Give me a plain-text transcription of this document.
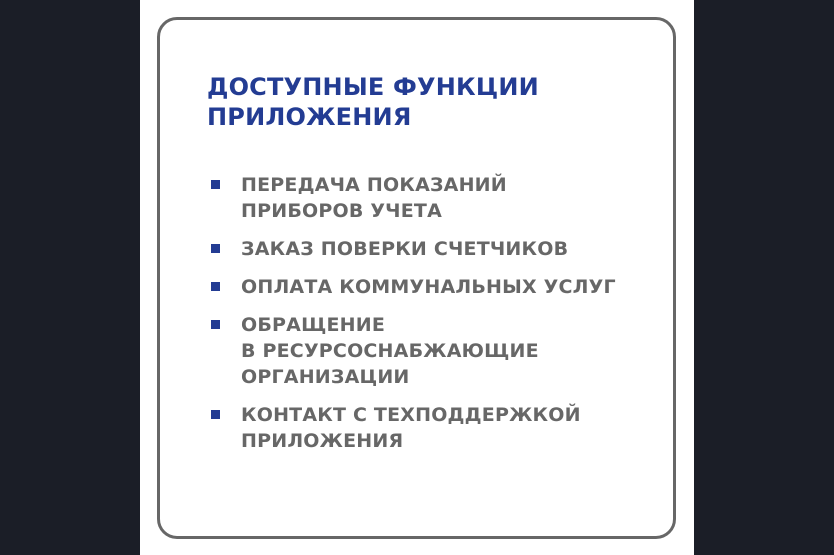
ДОСТУПНЫЕ ФУНКЦИИ
ПРИЛОЖЕНИЯ
ПЕРЕДАЧА ПОКАЗАНИЙ
ПРИБОРОВ УЧЕТА
ЗАКАЗ ПОВЕРКИ СЧЕТЧИКОВ
ОПЛАТА КОММУНАЛЬНЫХ УСЛУГ
ОБРАЩЕНИЕ
В РЕСУРСОСНАБЖАЮЩИЕ
ОРГАНИЗАЦИИ
КОНТАКТ С ТЕХПОДДЕРЖКОЙ
ПРИЛОЖЕНИЯ
